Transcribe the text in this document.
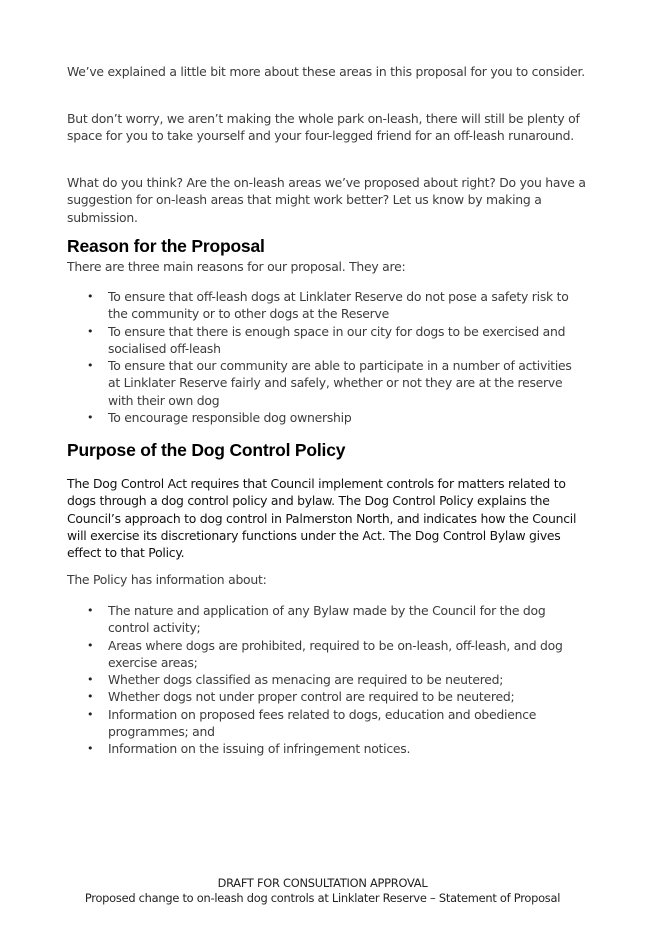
We’ve explained a little bit more about these areas in this proposal for you to consider.

But don’t worry, we aren’t making the whole park on-leash, there will still be plenty of space for you to take yourself and your four-legged friend for an off-leash runaround.

What do you think? Are the on-leash areas we’ve proposed about right? Do you have a suggestion for on-leash areas that might work better? Let us know by making a submission.

Reason for the Proposal

There are three main reasons for our proposal. They are:

• To ensure that off-leash dogs at Linklater Reserve do not pose a safety risk to the community or to other dogs at the Reserve
• To ensure that there is enough space in our city for dogs to be exercised and socialised off-leash
• To ensure that our community are able to participate in a number of activities at Linklater Reserve fairly and safely, whether or not they are at the reserve with their own dog
• To encourage responsible dog ownership
Purpose of the Dog Control Policy

The Dog Control Act requires that Council implement controls for matters related to dogs through a dog control policy and bylaw. The Dog Control Policy explains the Council’s approach to dog control in Palmerston North, and indicates how the Council will exercise its discretionary functions under the Act. The Dog Control Bylaw gives effect to that Policy.

The Policy has information about:

• The nature and application of any Bylaw made by the Council for the dog control activity;
• Areas where dogs are prohibited, required to be on-leash, off-leash, and dog exercise areas;
• Whether dogs classified as menacing are required to be neutered;
• Whether dogs not under proper control are required to be neutered;
• Information on proposed fees related to dogs, education and obedience programmes; and
• Information on the issuing of infringement notices.
DRAFT FOR CONSULTATION APPROVAL
Proposed change to on-leash dog controls at Linklater Reserve – Statement of Proposal
